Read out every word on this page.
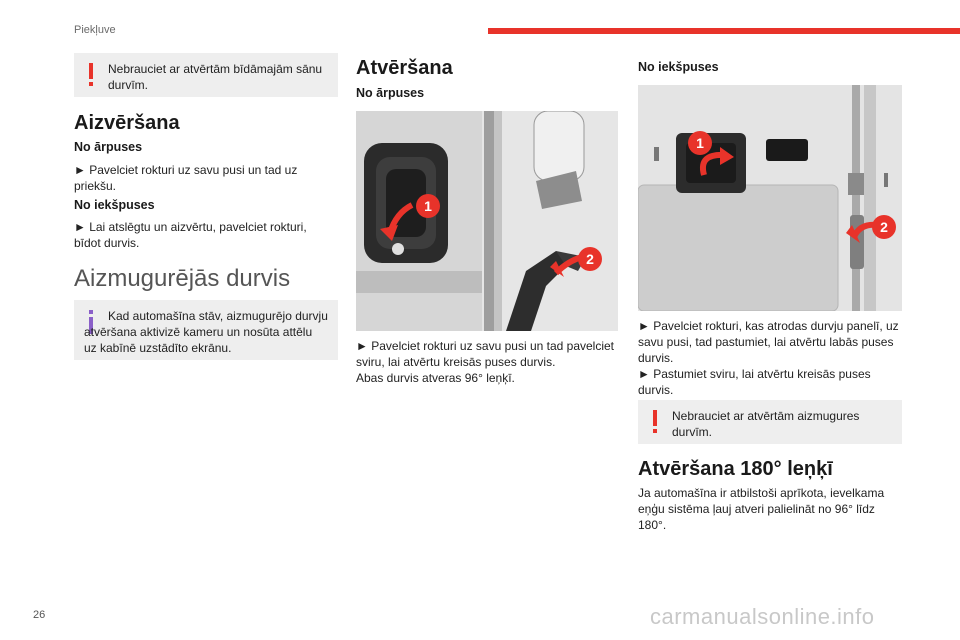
Piekļuve
Nebrauciet ar atvērtām bīdāmajām sānu durvīm.
Aizvēršana
No ārpuses
► Pavelciet rokturi uz savu pusi un tad uz priekšu.
No iekšpuses
► Lai atslēgtu un aizvērtu, pavelciet rokturi, bīdot durvis.
Aizmugurējās durvis
Kad automašīna stāv, aizmugurējo durvju atvēršana aktivizē kameru un nosūta attēlu uz kabīnē uzstādīto ekrānu.
Atvēršana
No ārpuses
1
2
► Pavelciet rokturi uz savu pusi un tad pavelciet sviru, lai atvērtu kreisās puses durvis.
Abas durvis atveras 96° leņķī.
No iekšpuses
1
2
► Pavelciet rokturi, kas atrodas durvju panelī, uz savu pusi, tad pastumiet, lai atvērtu labās puses durvis.
► Pastumiet sviru, lai atvērtu kreisās puses durvis.
Nebrauciet ar atvērtām aizmugures durvīm.
Atvēršana 180° leņķī
Ja automašīna ir atbilstoši aprīkota, ievelkama eņģu sistēma ļauj atveri palielināt no 96° līdz 180°.
26	carmanualsonline.info
